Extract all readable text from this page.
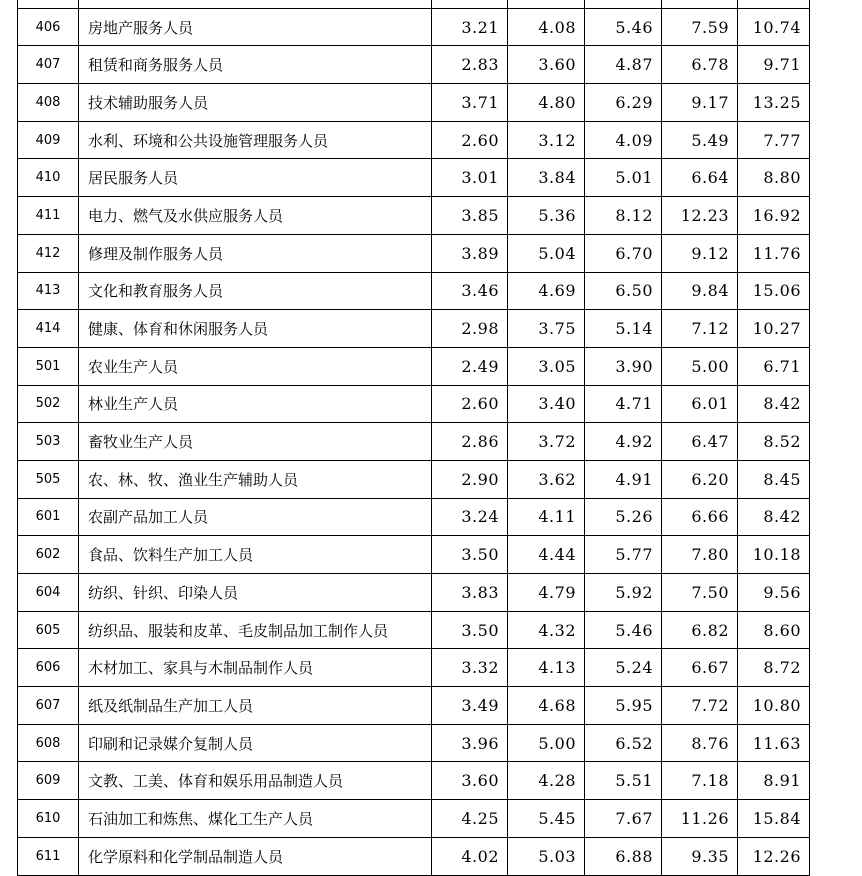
406	房地产服务人员	3.21	4.08	5.46	7.59	10.74
407	租赁和商务服务人员	2.83	3.60	4.87	6.78	9.71
408	技术辅助服务人员	3.71	4.80	6.29	9.17	13.25
409	水利、环境和公共设施管理服务人员	2.60	3.12	4.09	5.49	7.77
410	居民服务人员	3.01	3.84	5.01	6.64	8.80
411	电力、燃气及水供应服务人员	3.85	5.36	8.12	12.23	16.92
412	修理及制作服务人员	3.89	5.04	6.70	9.12	11.76
413	文化和教育服务人员	3.46	4.69	6.50	9.84	15.06
414	健康、体育和休闲服务人员	2.98	3.75	5.14	7.12	10.27
501	农业生产人员	2.49	3.05	3.90	5.00	6.71
502	林业生产人员	2.60	3.40	4.71	6.01	8.42
503	畜牧业生产人员	2.86	3.72	4.92	6.47	8.52
505	农、林、牧、渔业生产辅助人员	2.90	3.62	4.91	6.20	8.45
601	农副产品加工人员	3.24	4.11	5.26	6.66	8.42
602	食品、饮料生产加工人员	3.50	4.44	5.77	7.80	10.18
604	纺织、针织、印染人员	3.83	4.79	5.92	7.50	9.56
605	纺织品、服装和皮革、毛皮制品加工制作人员	3.50	4.32	5.46	6.82	8.60
606	木材加工、家具与木制品制作人员	3.32	4.13	5.24	6.67	8.72
607	纸及纸制品生产加工人员	3.49	4.68	5.95	7.72	10.80
608	印刷和记录媒介复制人员	3.96	5.00	6.52	8.76	11.63
609	文教、工美、体育和娱乐用品制造人员	3.60	4.28	5.51	7.18	8.91
610	石油加工和炼焦、煤化工生产人员	4.25	5.45	7.67	11.26	15.84
611	化学原料和化学制品制造人员	4.02	5.03	6.88	9.35	12.26
